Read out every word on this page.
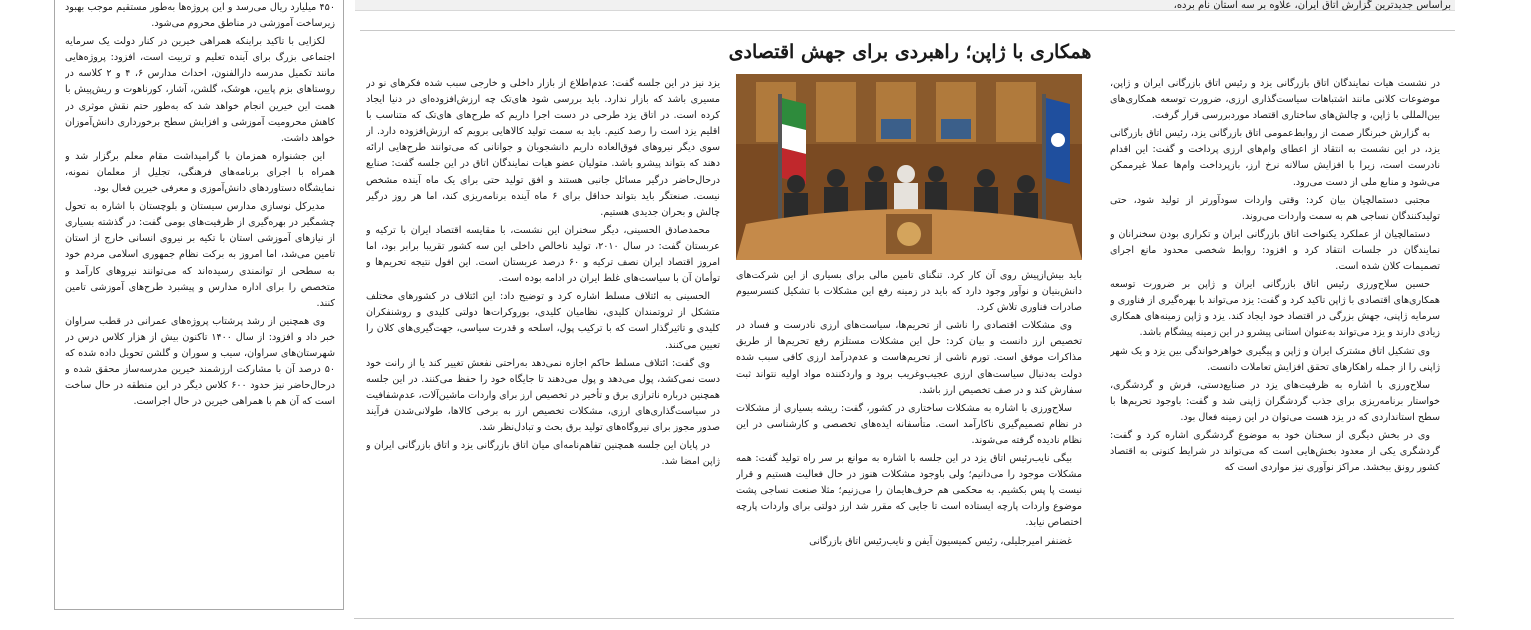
براساس جدیدترین گزارش اتاق ایران، علاوه بر سه استان نام برده،

۴۵۰ میلیارد ریال می‌رسد و این پروژه‌ها به‌طور مستقیم موجب بهبود زیرساخت آموزشی در مناطق محروم می‌شود.

لکزایی با تاکید براینکه همراهی خیرین در کنار دولت یک سرمایه اجتماعی بزرگ برای آینده تعلیم و تربیت است، افزود: پروژه‌هایی مانند تکمیل مدرسه دارالفنون، احداث مدارس ۶، ۴ و ۲ کلاسه در روستاهای بزم پایین، هوشک، گلشن، آشار، کورناهوت و ریش‌پیش با همت این خیرین انجام خواهد شد که به‌طور حتم نقش موثری در کاهش محرومیت آموزشی و افزایش سطح برخورداری دانش‌آموزان خواهد داشت.

این جشنواره همزمان با گرامیداشت مقام معلم برگزار شد و همراه با اجرای برنامه‌های فرهنگی، تجلیل از معلمان نمونه، نمایشگاه دستاوردهای دانش‌آموزی و معرفی خیرین فعال بود.

مدیرکل نوسازی مدارس سیستان و بلوچستان با اشاره به تحول چشمگیر در بهره‌گیری از ظرفیت‌های بومی گفت: در گذشته بسیاری از نیازهای آموزشی استان با تکیه بر نیروی انسانی خارج از استان تامین می‌شد، اما امروز به برکت نظام جمهوری اسلامی مردم خود به سطحی از توانمندی رسیده‌اند که می‌توانند نیروهای کارآمد و متخصص را برای اداره مدارس و پیشبرد طرح‌های آموزشی تامین کنند.

وی همچنین از رشد پرشتاب پروژه‌های عمرانی در قطب سراوان خبر داد و افزود: از سال ۱۴۰۰ تاکنون بیش از هزار کلاس درس در شهرستان‌های سراوان، سیب و سوران و گلشن تحویل داده شده که ۵۰ درصد آن با مشارکت ارزشمند خیرین مدرسه‌ساز محقق شده و درحال‌حاضر نیز حدود ۶۰۰ کلاس دیگر در این منطقه در حال ساخت است که آن هم با همراهی خیرین در حال اجراست.

همکاری با ژاپن؛ راهبردی برای جهش اقتصادی

در نشست هیات نمایندگان اتاق بازرگانی یزد و رئیس اتاق بازرگانی ایران و ژاپن، موضوعات کلانی مانند اشتباهات سیاست‌گذاری ارزی، ضرورت توسعه همکاری‌های بین‌المللی با ژاپن، و چالش‌های ساختاری اقتصاد موردبررسی قرار گرفت.

به گزارش خبرنگار صمت از روابط‌عمومی اتاق بازرگانی یزد، رئیس اتاق بازرگانی یزد، در این نشست به انتقاد از اعطای وام‌های ارزی پرداخت و گفت: این اقدام نادرست است، زیرا با افزایش سالانه نرخ ارز، بازپرداخت وام‌ها عملا غیرممکن می‌شود و منابع ملی از دست می‌رود.

مجتبی دستمالچیان بیان کرد: وقتی واردات سودآورتر از تولید شود، حتی تولیدکنندگان نساجی هم به سمت واردات می‌روند.

دستمالچیان از عملکرد یکنواخت اتاق بازرگانی ایران و تکراری بودن سخنرانان و نمایندگان در جلسات انتقاد کرد و افزود: روابط شخصی محدود مانع اجرای تصمیمات کلان شده است.

حسین سلاح‌ورزی رئیس اتاق بازرگانی ایران و ژاپن بر ضرورت توسعه همکاری‌های اقتصادی با ژاپن تاکید کرد و گفت: یزد می‌تواند با بهره‌گیری از فناوری و سرمایه ژاپنی، جهش بزرگی در اقتصاد خود ایجاد کند. یزد و ژاپن زمینه‌های همکاری زیادی دارند و یزد می‌تواند به‌عنوان استانی پیشرو در این زمینه پیشگام باشد.

وی تشکیل اتاق مشترک ایران و ژاپن و پیگیری خواهرخواندگی بین یزد و یک شهر ژاپنی را از جمله راهکارهای تحقق افزایش تعاملات دانست.

سلاح‌ورزی با اشاره به ظرفیت‌های یزد در صنایع‌دستی، فرش و گردشگری، خواستار برنامه‌ریزی برای جذب گردشگران ژاپنی شد و گفت: باوجود تحریم‌ها با سطح استانداردی که در یزد هست می‌توان در این زمینه فعال بود.

وی در بخش دیگری از سخنان خود به موضوع گردشگری اشاره کرد و گفت: گردشگری یکی از معدود بخش‌هایی است که می‌تواند در شرایط کنونی به اقتصاد کشور رونق ببخشد. مراکز نوآوری نیز مواردی است که

باید بیش‌ازپیش روی آن کار کرد. تنگنای تامین مالی برای بسیاری از این شرکت‌های دانش‌بنیان و نوآور وجود دارد که باید در زمینه رفع این مشکلات با تشکیل کنسرسیوم صادرات فناوری تلاش کرد.

وی مشکلات اقتصادی را ناشی از تحریم‌ها، سیاست‌های ارزی نادرست و فساد در تخصیص ارز دانست و بیان کرد: حل این مشکلات مستلزم رفع تحریم‌ها از طریق مذاکرات موفق است. تورم ناشی از تحریم‌هاست و عدم‌درآمد ارزی کافی سبب شده دولت به‌دنبال سیاست‌های ارزی عجیب‌وغریب برود و واردکننده مواد اولیه نتواند ثبت سفارش کند و در صف تخصیص ارز باشد.

سلاح‌ورزی با اشاره به مشکلات ساختاری در کشور، گفت: ریشه بسیاری از مشکلات در نظام تصمیم‌گیری ناکارآمد است. متأسفانه ایده‌های تخصصی و کارشناسی در این نظام نادیده گرفته می‌شوند.

بیگی نایب‌رئیس اتاق یزد در این جلسه با اشاره به موانع بر سر راه تولید گفت: همه مشکلات موجود را می‌دانیم؛ ولی باوجود مشکلات هنوز در حال فعالیت هستیم و قرار نیست پا پس بکشیم. به محکمی هم حرف‌هایمان را می‌زنیم؛ مثلا صنعت نساجی پشت موضوع واردات پارچه ایستاده است تا جایی که مقرر شد ارز دولتی برای واردات پارچه اختصاص نیابد.

غضنفر امیرجلیلی، رئیس کمیسیون آیفن و نایب‌رئیس اتاق بازرگانی

یزد نیز در این جلسه گفت: عدم‌اطلاع از بازار داخلی و خارجی سبب شده فکرهای نو در مسیری باشد که بازار ندارد. باید بررسی شود های‌تک چه ارزش‌افزوده‌ای در دنیا ایجاد کرده است. در اتاق یزد طرحی در دست اجرا داریم که طرح‌های های‌تک که متناسب با اقلیم یزد است را رصد کنیم. باید به سمت تولید کالاهایی برویم که ارزش‌افزوده دارد. از سوی دیگر نیروهای فوق‌العاده داریم دانشجویان و جوانانی که می‌توانند طرح‌هایی ارائه دهند که بتواند پیشرو باشد. متولیان عضو هیات نمایندگان اتاق در این جلسه گفت: صنایع درحال‌حاضر درگیر مسائل جانبی هستند و افق تولید حتی برای یک ماه آینده مشخص نیست. صنعتگر باید بتواند حداقل برای ۶ ماه آینده برنامه‌ریزی کند، اما هر روز درگیر چالش و بحران جدیدی هستیم.

محمدصادق الحسینی، دیگر سخنران این نشست، با مقایسه اقتصاد ایران با ترکیه و عربستان گفت: در سال ۲۰۱۰، تولید ناخالص داخلی این سه کشور تقریبا برابر بود، اما امروز اقتصاد ایران نصف ترکیه و ۶۰ درصد عربستان است. این افول نتیجه تحریم‌ها و توأمان آن با سیاست‌های غلط ایران در ادامه بوده است.

الحسینی به ائتلاف مسلط اشاره کرد و توضیح داد: این ائتلاف در کشورهای مختلف متشکل از ثروتمندان کلیدی، نظامیان کلیدی، بوروکرات‌ها دولتی کلیدی و روشنفکران کلیدی و تاثیرگذار است که با ترکیب پول، اسلحه و قدرت سیاسی، جهت‌گیری‌های کلان را تعیین می‌کنند.

وی گفت: ائتلاف مسلط حاکم اجازه نمی‌دهد به‌راحتی نفعش تغییر کند یا از رانت خود دست نمی‌کشد، پول می‌دهد و پول می‌دهند تا جایگاه خود را حفظ می‌کنند. در این جلسه همچنین درباره ناترازی برق و تأخیر در تخصیص ارز برای واردات ماشین‌آلات، عدم‌شفافیت در سیاست‌گذاری‌های ارزی، مشکلات تخصیص ارز به برخی کالاها، طولانی‌شدن فرآیند صدور مجوز برای نیروگاه‌های تولید برق بحث و تبادل‌نظر شد.

در پایان این جلسه همچنین تفاهم‌نامه‌ای میان اتاق بازرگانی یزد و اتاق بازرگانی ایران و ژاپن امضا شد.
